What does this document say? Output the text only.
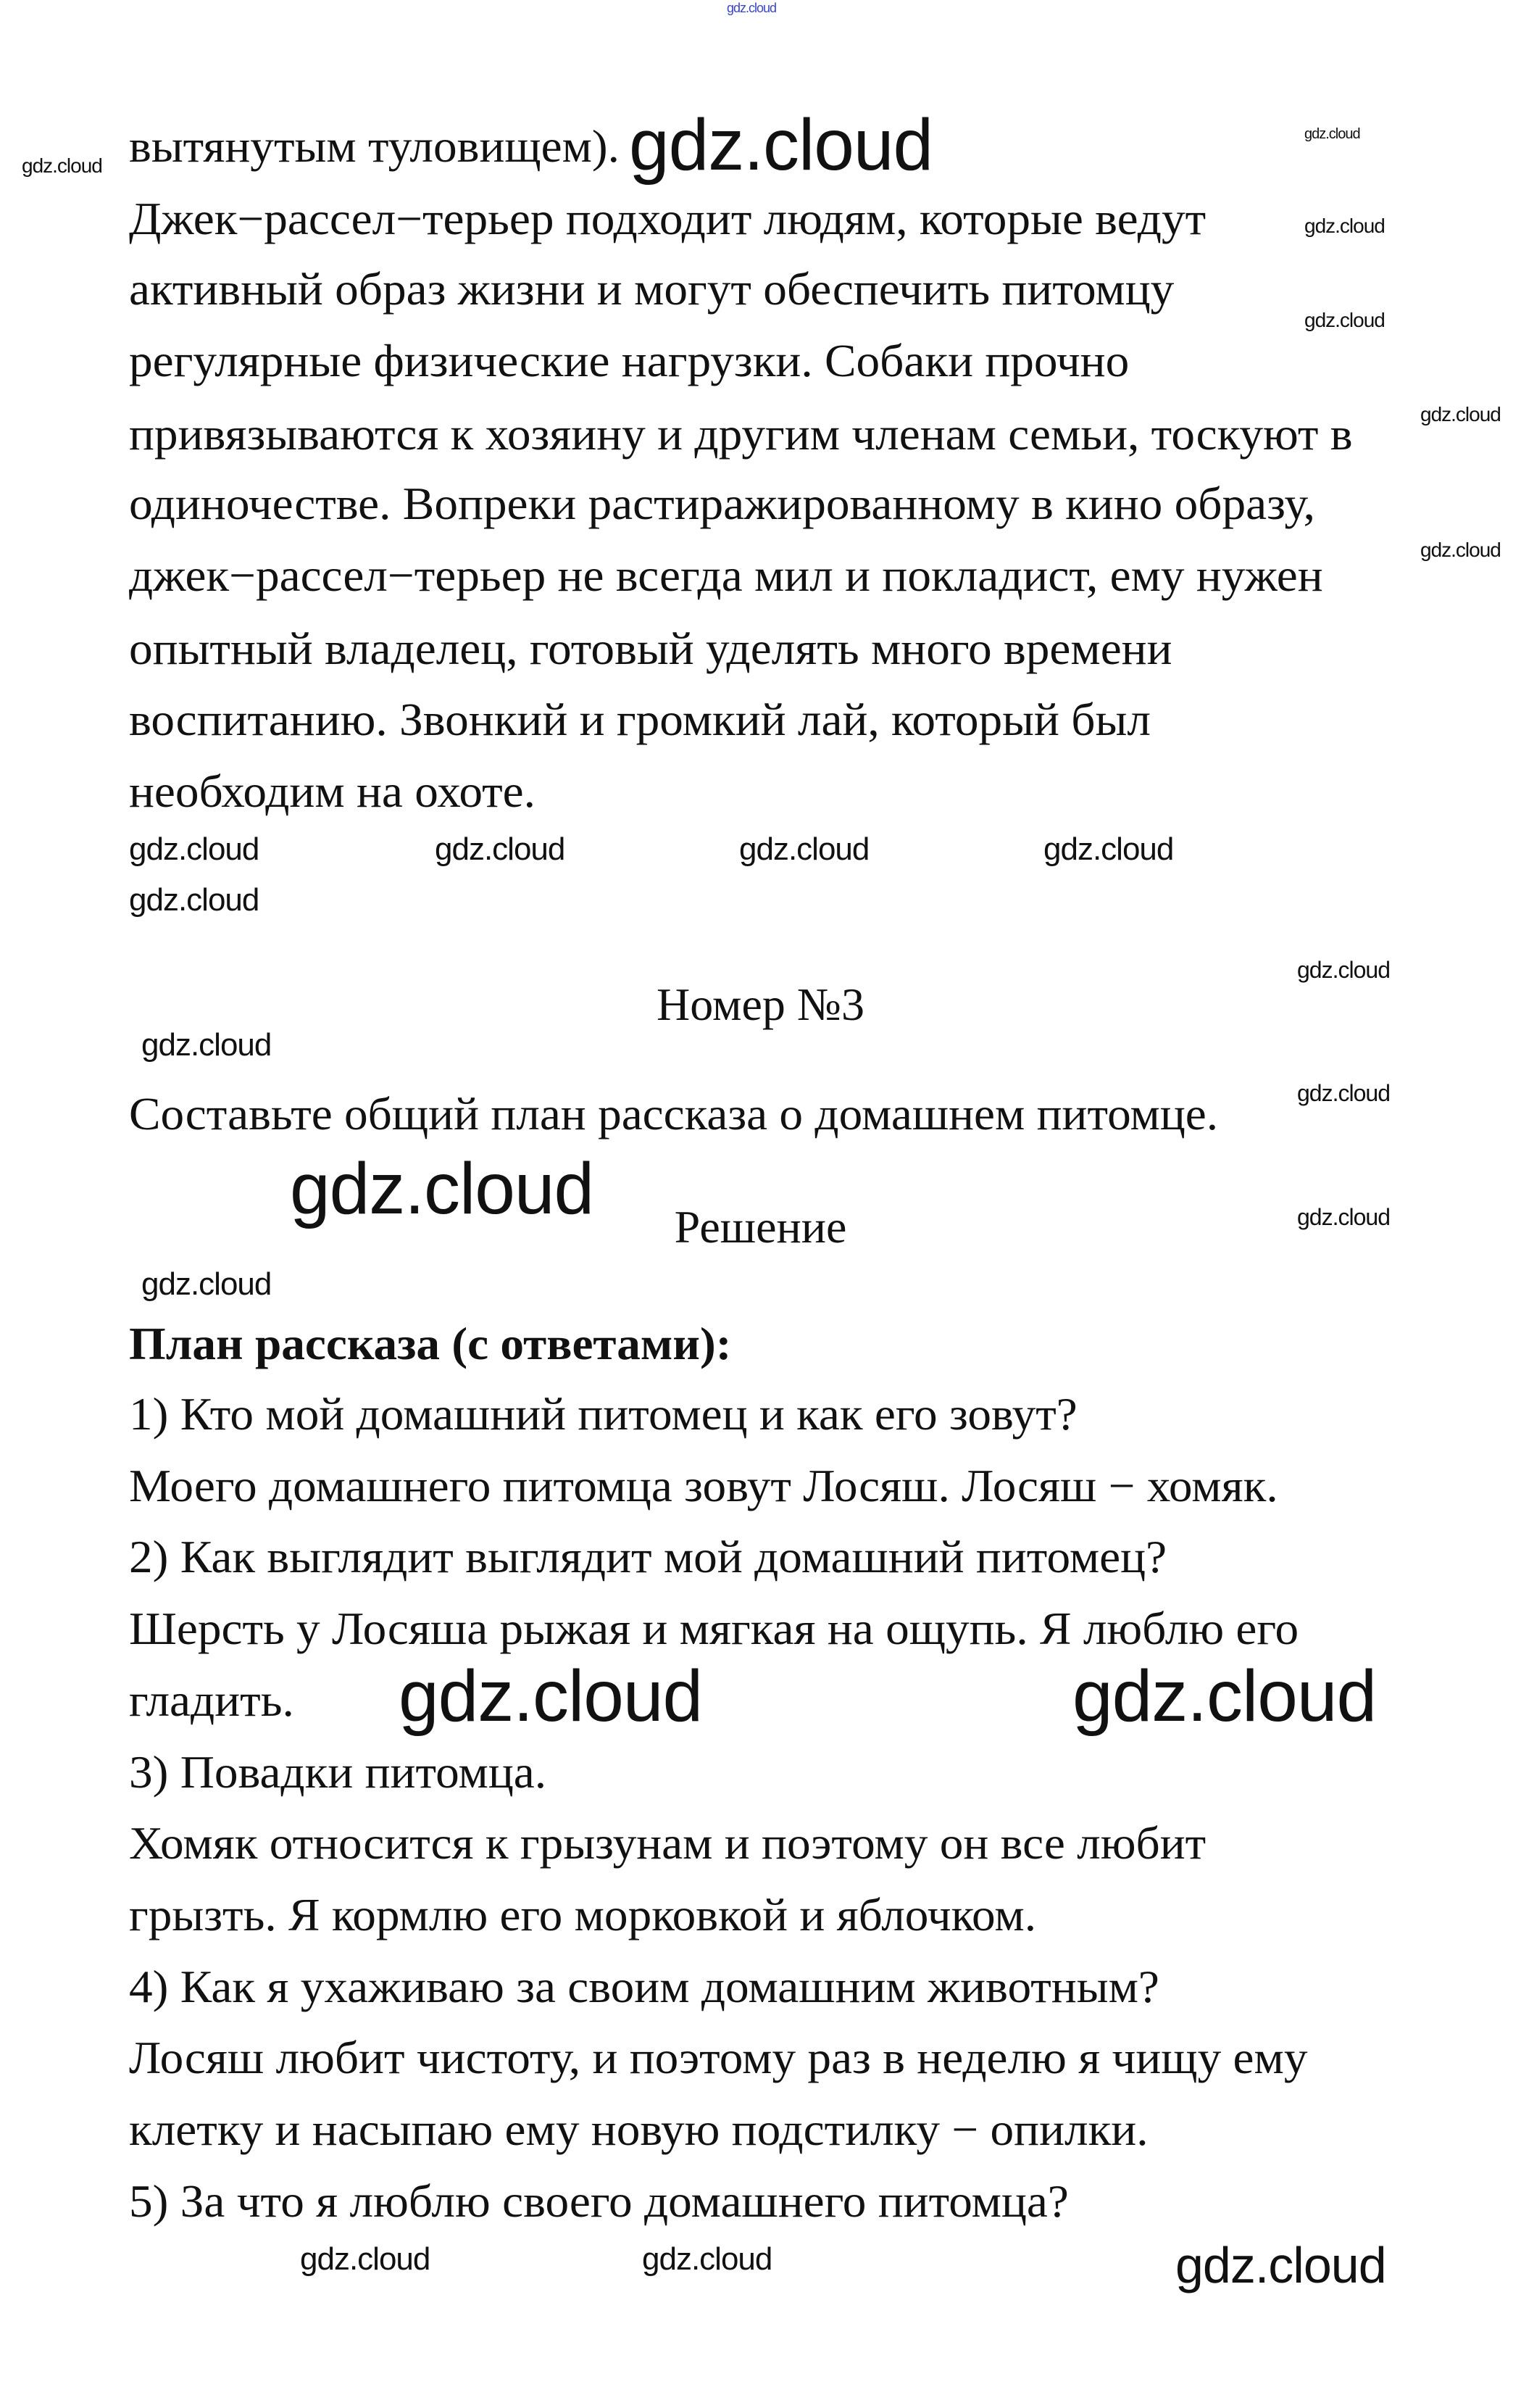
gdz.cloud
gdz.cloud
gdz.cloud
gdz.cloud
gdz.cloud
gdz.cloud
gdz.cloud
gdz.cloud
gdz.cloud
gdz.cloud
gdz.cloud	gdz.cloud	gdz.cloud
gdz.cloud
gdz.cloud
gdz.cloud
gdz.cloud	gdz.cloud
gdz.cloud
gdz.cloud	gdz.cloud
gdz.cloud	gdz.cloud	gdz.cloud
вытянутым туловищем).
Джек−рассел−терьер подходит людям, которые ведут
активный образ жизни и могут обеспечить питомцу
регулярные физические нагрузки. Собаки прочно
привязываются к хозяину и другим членам семьи, тоскуют в
одиночестве. Вопреки растиражированному в кино образу,
джек−рассел−терьер не всегда мил и покладист, ему нужен
опытный владелец, готовый уделять много времени
воспитанию. Звонкий и громкий лай, который был
необходим на охоте.
Номер №3
Составьте общий план рассказа о домашнем питомце.
Решение
План рассказа (с ответами):
1) Кто мой домашний питомец и как его зовут?
Моего домашнего питомца зовут Лосяш. Лосяш − хомяк.
2) Как выглядит выглядит мой домашний питомец?
Шерсть у Лосяша рыжая и мягкая на ощупь. Я люблю его
гладить.
3) Повадки питомца.
Хомяк относится к грызунам и поэтому он все любит
грызть. Я кормлю его морковкой и яблочком.
4) Как я ухаживаю за своим домашним животным?
Лосяш любит чистоту, и поэтому раз в неделю я чищу ему
клетку и насыпаю ему новую подстилку − опилки.
5) За что я люблю своего домашнего питомца?
